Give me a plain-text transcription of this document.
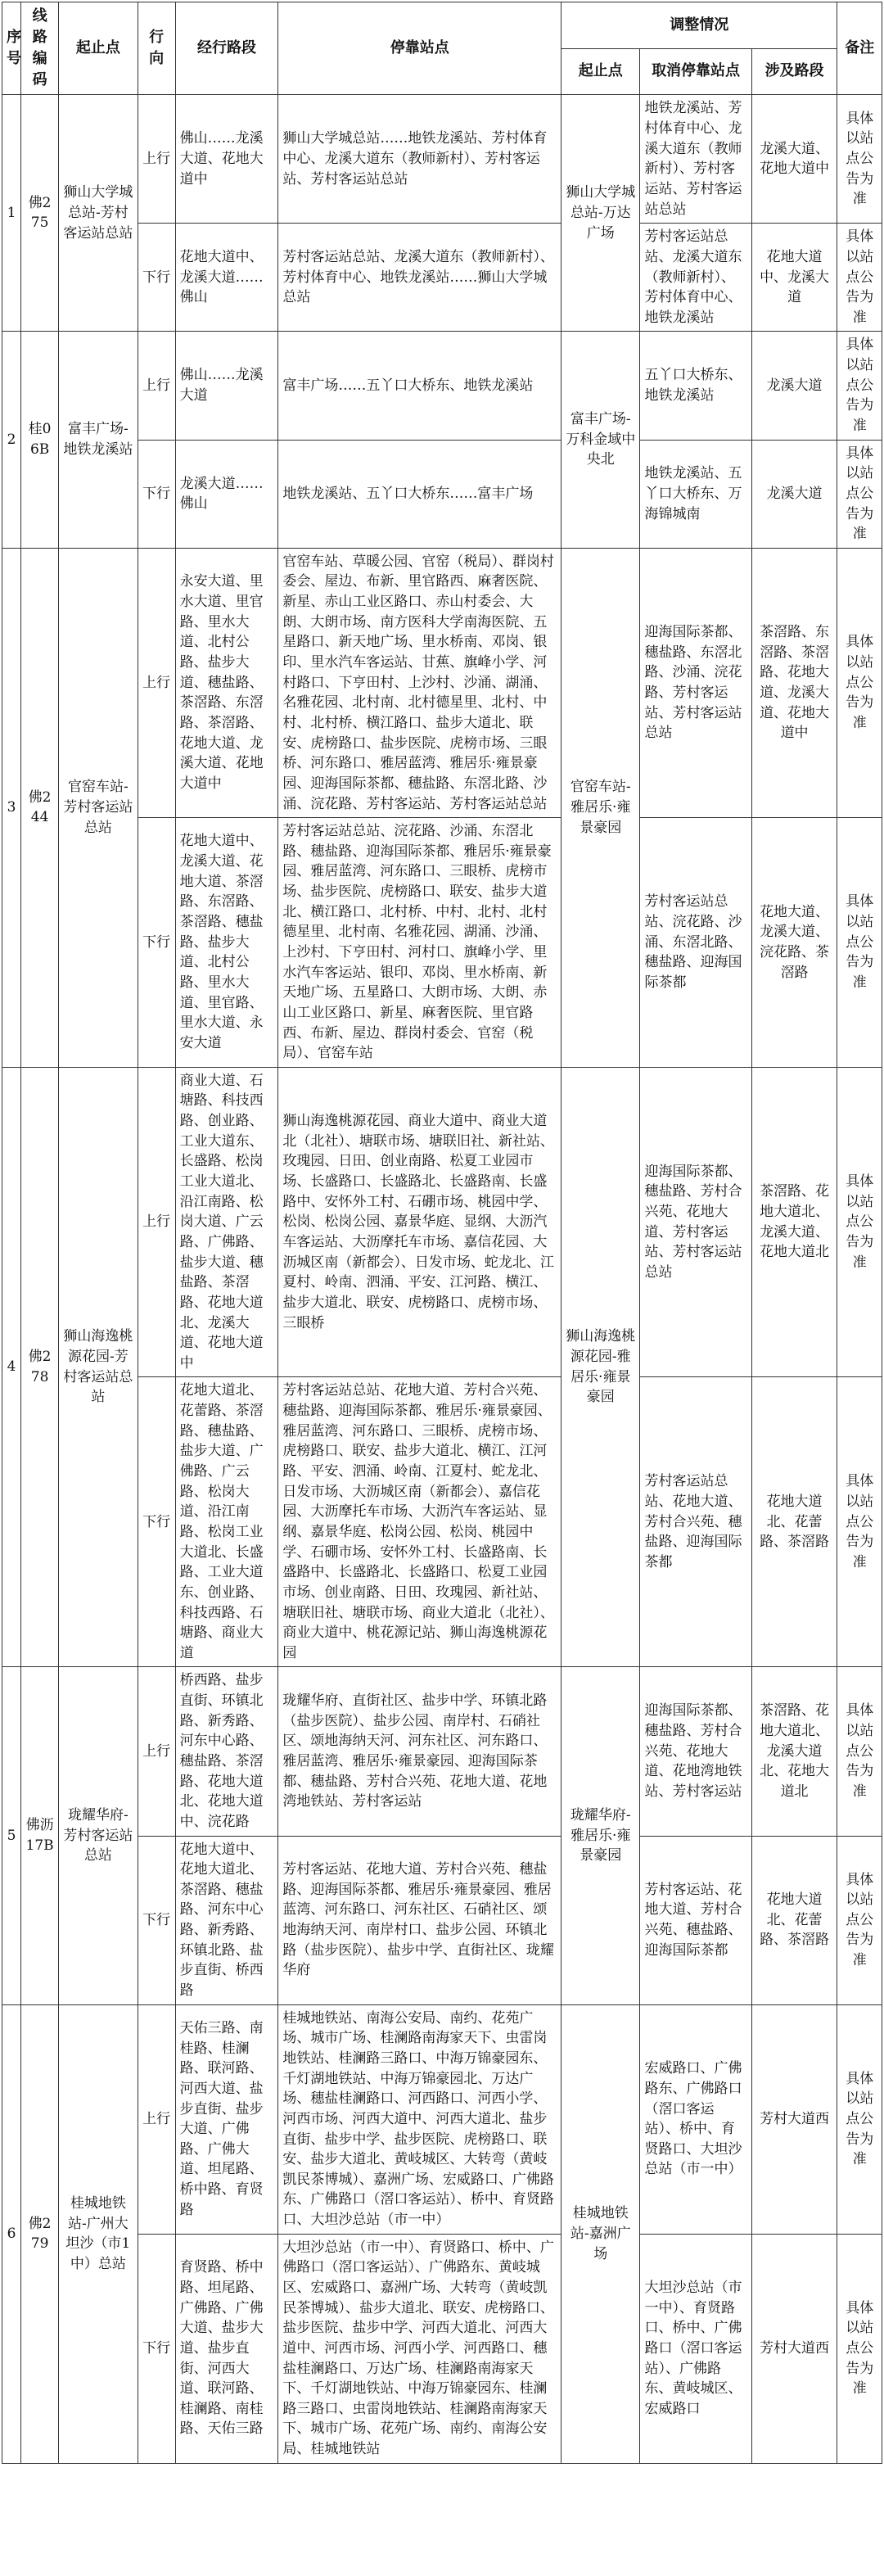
序号	线路编码	起止点	行向	经行路段	停靠站点	调整情况			备注
						起止点	取消停靠站点	涉及路段	
1	佛275	狮山大学城总站-芳村客运站总站	上行	佛山……龙溪大道、花地大道中	狮山大学城总站……地铁龙溪站、芳村体育中心、龙溪大道东（教师新村）、芳村客运站、芳村客运站总站	狮山大学城总站-万达广场	地铁龙溪站、芳村体育中心、龙溪大道东（教师新村）、芳村客运站、芳村客运站总站	龙溪大道、花地大道中	具体以站点公告为准
			下行	花地大道中、龙溪大道……佛山	芳村客运站总站、龙溪大道东（教师新村）、芳村体育中心、地铁龙溪站……狮山大学城总站		芳村客运站总站、龙溪大道东（教师新村）、芳村体育中心、地铁龙溪站	花地大道中、龙溪大道	具体以站点公告为准
2	桂06B	富丰广场-地铁龙溪站	上行	佛山……龙溪大道	富丰广场……五丫口大桥东、地铁龙溪站	富丰广场-万科金域中央北	五丫口大桥东、地铁龙溪站	龙溪大道	具体以站点公告为准
			下行	龙溪大道……佛山	地铁龙溪站、五丫口大桥东……富丰广场		地铁龙溪站、五丫口大桥东、万海锦城南	龙溪大道	具体以站点公告为准
3	佛244	官窑车站-芳村客运站总站	上行	永安大道、里水大道、里官路、里水大道、北村公路、盐步大道、穗盐路、茶滘路、东滘路、茶滘路、花地大道、龙溪大道、花地大道中	官窑车站、草暖公园、官窑（税局）、群岗村委会、屋边、布新、里官路西、麻奢医院、新星、赤山工业区路口、赤山村委会、大朗、大朗市场、南方医科大学南海医院、五星路口、新天地广场、里水桥南、邓岗、银印、里水汽车客运站、甘蕉、旗峰小学、河村路口、下亨田村、上沙村、沙涌、湖涌、名雅花园、北村南、北村德星里、北村、中村、北村桥、横江路口、盐步大道北、联安、虎榜路口、盐步医院、虎榜市场、三眼桥、河东路口、雅居蓝湾、雅居乐·雍景豪园、迎海国际茶都、穗盐路、东滘北路、沙涌、浣花路、芳村客运站、芳村客运站总站	官窑车站-雅居乐·雍景豪园	迎海国际茶都、穗盐路、东滘北路、沙涌、浣花路、芳村客运站、芳村客运站总站	茶滘路、东滘路、茶滘路、花地大道、龙溪大道、花地大道中	具体以站点公告为准
			下行	花地大道中、龙溪大道、花地大道、茶滘路、东滘路、茶滘路、穗盐路、盐步大道、北村公路、里水大道、里官路、里水大道、永安大道	芳村客运站总站、浣花路、沙涌、东滘北路、穗盐路、迎海国际茶都、雅居乐·雍景豪园、雅居蓝湾、河东路口、三眼桥、虎榜市场、盐步医院、虎榜路口、联安、盐步大道北、横江路口、北村桥、中村、北村、北村德星里、北村南、名雅花园、湖涌、沙涌、上沙村、下亨田村、河村口、旗峰小学、里水汽车客运站、银印、邓岗、里水桥南、新天地广场、五星路口、大朗市场、大朗、赤山工业区路口、新星、麻奢医院、里官路西、布新、屋边、群岗村委会、官窑（税局）、官窑车站		芳村客运站总站、浣花路、沙涌、东滘北路、穗盐路、迎海国际茶都	花地大道、龙溪大道、浣花路、茶滘路	具体以站点公告为准
4	佛278	狮山海逸桃源花园-芳村客运站总站	上行	商业大道、石塘路、科技西路、创业路、工业大道东、长盛路、松岗工业大道北、沿江南路、松岗大道、广云路、广佛路、盐步大道、穗盐路、茶滘路、花地大道北、龙溪大道、花地大道中	狮山海逸桃源花园、商业大道中、商业大道北（北社）、塘联市场、塘联旧社、新社站、玫瑰园、日田、创业南路、松夏工业园市场、长盛路口、长盛路北、长盛路南、长盛路中、安怀外工村、石硼市场、桃园中学、松岗、松岗公园、嘉景华庭、显纲、大沥汽车客运站、大沥摩托车市场、嘉信花园、大沥城区南（新都会）、日发市场、蛇龙北、江夏村、岭南、泗涌、平安、江河路、横江、盐步大道北、联安、虎榜路口、虎榜市场、三眼桥	狮山海逸桃源花园-雅居乐·雍景豪园	迎海国际茶都、穗盐路、芳村合兴苑、花地大道、芳村客运站、芳村客运站总站	茶滘路、花地大道北、龙溪大道、花地大道北	具体以站点公告为准
			下行	花地大道北、花蕾路、茶滘路、穗盐路、盐步大道、广佛路、广云路、松岗大道、沿江南路、松岗工业大道北、长盛路、工业大道东、创业路、科技西路、石塘路、商业大道	芳村客运站总站、花地大道、芳村合兴苑、穗盐路、迎海国际茶都、雅居乐·雍景豪园、雅居蓝湾、河东路口、三眼桥、虎榜市场、虎榜路口、联安、盐步大道北、横江、江河路、平安、泗涌、岭南、江夏村、蛇龙北、日发市场、大沥城区南（新都会）、嘉信花园、大沥摩托车市场、大沥汽车客运站、显纲、嘉景华庭、松岗公园、松岗、桃园中学、石硼市场、安怀外工村、长盛路南、长盛路中、长盛路北、长盛路口、松夏工业园市场、创业南路、日田、玫瑰园、新社站、塘联旧社、塘联市场、商业大道北（北社）、商业大道中、桃花源记站、狮山海逸桃源花园		芳村客运站总站、花地大道、芳村合兴苑、穗盐路、迎海国际茶都	花地大道北、花蕾路、茶滘路	具体以站点公告为准
5	佛沥17B	珑耀华府-芳村客运站总站	上行	桥西路、盐步直街、环镇北路、新秀路、河东中心路、穗盐路、茶滘路、花地大道北、花地大道中、浣花路	珑耀华府、直街社区、盐步中学、环镇北路（盐步医院）、盐步公园、南岸村、石硝社区、颂地海纳天河、河东社区、河东路口、雅居蓝湾、雅居乐·雍景豪园、迎海国际茶都、穗盐路、芳村合兴苑、花地大道、花地湾地铁站、芳村客运站	珑耀华府-雅居乐·雍景豪园	迎海国际茶都、穗盐路、芳村合兴苑、花地大道、花地湾地铁站、芳村客运站	茶滘路、花地大道北、龙溪大道北、花地大道北	具体以站点公告为准
			下行	花地大道中、花地大道北、茶滘路、穗盐路、河东中心路、新秀路、环镇北路、盐步直街、桥西路	芳村客运站、花地大道、芳村合兴苑、穗盐路、迎海国际茶都、雅居乐·雍景豪园、雅居蓝湾、河东路口、河东社区、石硝社区、颂地海纳天河、南岸村口、盐步公园、环镇北路（盐步医院）、盐步中学、直街社区、珑耀华府		芳村客运站、花地大道、芳村合兴苑、穗盐路、迎海国际茶都	花地大道北、花蕾路、茶滘路	具体以站点公告为准
6	佛279	桂城地铁站-广州大坦沙（市1中）总站	上行	天佑三路、南桂路、桂澜路、联河路、河西大道、盐步直街、盐步大道、广佛路、广佛大道、坦尾路、桥中路、育贤路	桂城地铁站、南海公安局、南约、花苑广场、城市广场、桂澜路南海家天下、虫雷岗地铁站、桂澜路三路口、中海万锦豪园东、千灯湖地铁站、中海万锦豪园北、万达广场、穗盐桂澜路口、河西路口、河西小学、河西市场、河西大道中、河西大道北、盐步直街、盐步中学、盐步医院、虎榜路口、联安、盐步大道北、黄岐城区、大转弯（黄岐凯民茶博城）、嘉洲广场、宏威路口、广佛路东、广佛路口（滘口客运站）、桥中、育贤路口、大坦沙总站（市一中）	桂城地铁站-嘉洲广场	宏威路口、广佛路东、广佛路口（滘口客运站）、桥中、育贤路口、大坦沙总站（市一中）	芳村大道西	具体以站点公告为准
			下行	育贤路、桥中路、坦尾路、广佛路、广佛大道、盐步大道、盐步直街、河西大道、联河路、桂澜路、南桂路、天佑三路	大坦沙总站（市一中）、育贤路口、桥中、广佛路口（滘口客运站）、广佛路东、黄岐城区、宏威路口、嘉洲广场、大转弯（黄岐凯民茶博城）、盐步大道北、联安、虎榜路口、盐步医院、盐步中学、河西大道北、河西大道中、河西市场、河西小学、河西路口、穗盐桂澜路口、万达广场、桂澜路南海家天下、千灯湖地铁站、中海万锦豪园东、桂澜路三路口、虫雷岗地铁站、桂澜路南海家天下、城市广场、花苑广场、南约、南海公安局、桂城地铁站		大坦沙总站（市一中）、育贤路口、桥中、广佛路口（滘口客运站）、广佛路东、黄岐城区、宏威路口	芳村大道西	具体以站点公告为准
